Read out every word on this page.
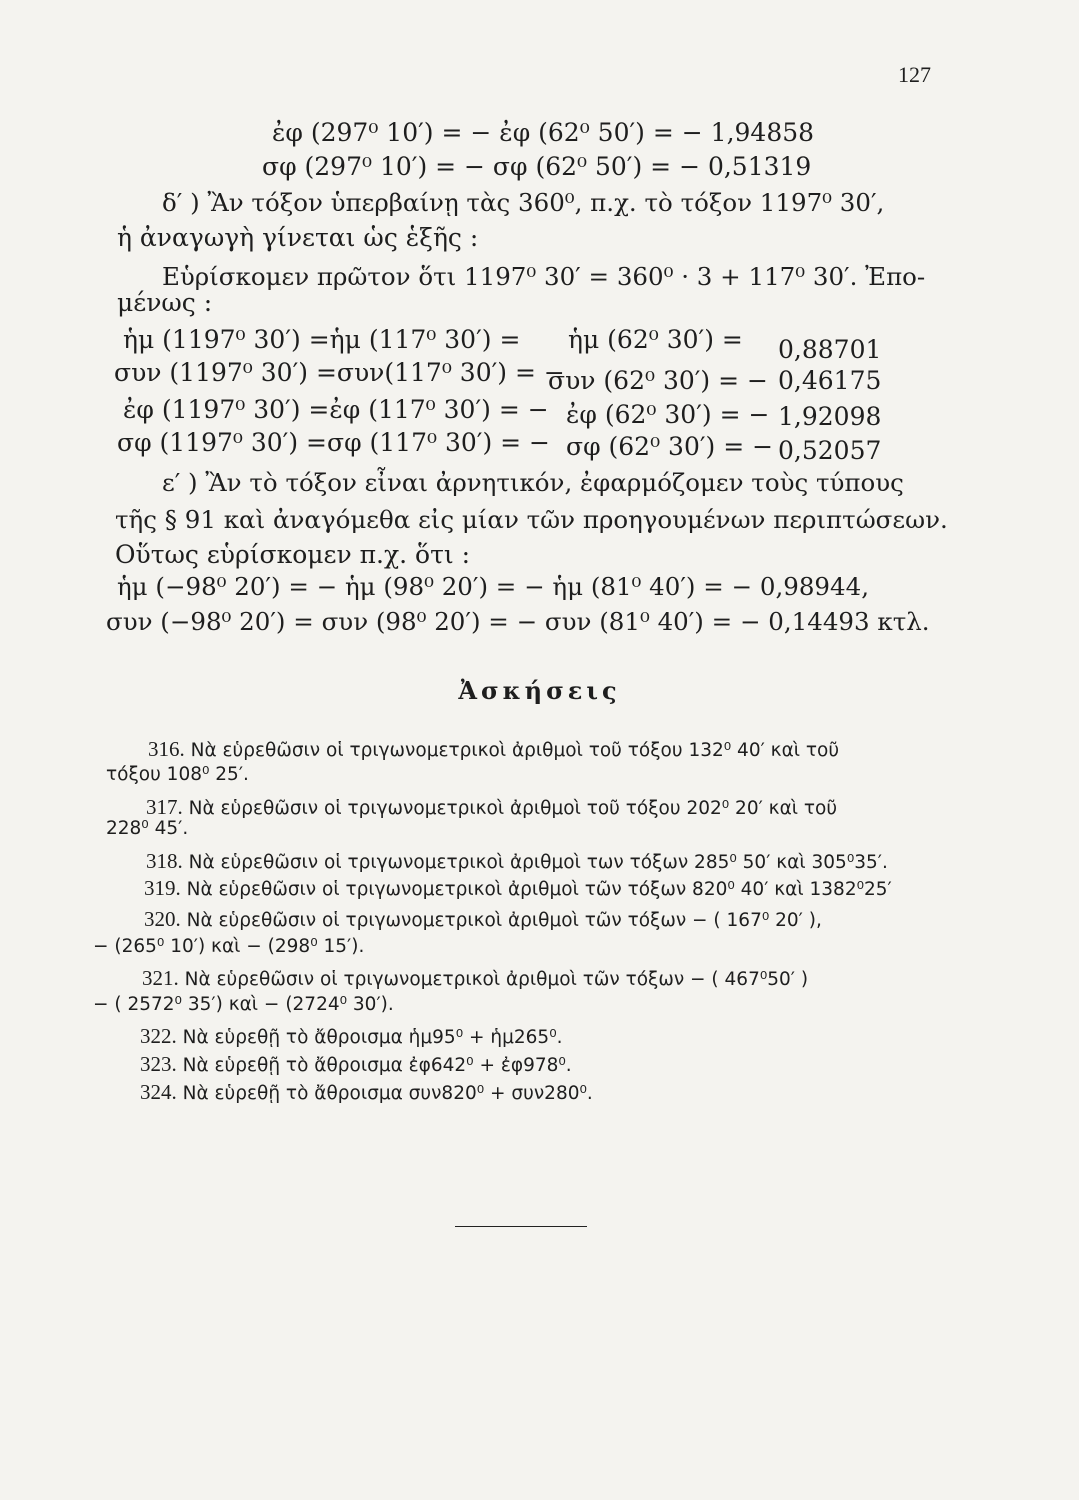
127
ἐφ (297⁰ 10′) = − ἐφ (62⁰ 50′) = − 1,94858
σφ (297⁰ 10′) = − σφ (62⁰ 50′) = − 0,51319
δ′ ) Ἂν τόξον ὑπερβαίνῃ τὰς 360⁰, π.χ. τὸ τόξον 1197⁰ 30′,
ἡ ἀναγωγὴ γίνεται ὡς ἑξῆς :
Εὑρίσκομεν πρῶτον ὅτι 1197⁰ 30′ = 360⁰ · 3 + 117⁰ 30′. Ἐπο-
μένως :
ἡμ (1197⁰ 30′) =ἡμ (117⁰ 30′) = ἡμ (62⁰ 30′) = 0,88701
συν (1197⁰ 30′) =συν(117⁰ 30′) = −
συν (62⁰ 30′) = − 0,46175
ἐφ (1197⁰ 30′) =ἐφ (117⁰ 30′) = − ἐφ (62⁰ 30′) = − 1,92098
σφ (1197⁰ 30′) =σφ (117⁰ 30′) = − σφ (62⁰ 30′) = − 0,52057
ε′ ) Ἂν τὸ τόξον εἶναι ἀρνητικόν, ἐφαρμόζομεν τοὺς τύπους
τῆς § 91 καὶ ἀναγόμεθα εἰς μίαν τῶν προηγουμένων περιπτώσεων.
Οὕτως εὑρίσκομεν π.χ. ὅτι :
ἡμ (−98⁰ 20′) = − ἡμ (98⁰ 20′) = − ἡμ (81⁰ 40′) = − 0,98944,
συν (−98⁰ 20′) = συν (98⁰ 20′) = − συν (81⁰ 40′) = − 0,14493 κτλ.
Ἀσκήσεις
316. Νὰ εὑρεθῶσιν οἱ τριγωνομετρικοὶ ἀριθμοὶ τοῦ τόξου 132⁰ 40′ καὶ τοῦ
τόξου 108⁰ 25′.
317. Νὰ εὑρεθῶσιν οἱ τριγωνομετρικοὶ ἀριθμοὶ τοῦ τόξου 202⁰ 20′ καὶ τοῦ
228⁰ 45′.
318. Νὰ εὑρεθῶσιν οἱ τριγωνομετρικοὶ ἀριθμοὶ των τόξων 285⁰ 50′ καὶ 305⁰35′.
319. Νὰ εὑρεθῶσιν οἱ τριγωνομετρικοὶ ἀριθμοὶ τῶν τόξων 820⁰ 40′ καὶ 1382⁰25′
320. Νὰ εὑρεθῶσιν οἱ τριγωνομετρικοὶ ἀριθμοὶ τῶν τόξων − ( 167⁰ 20′ ),
− (265⁰ 10′) καὶ − (298⁰ 15′).
321. Νὰ εὑρεθῶσιν οἱ τριγωνομετρικοὶ ἀριθμοὶ τῶν τόξων − ( 467⁰50′ )
− ( 2572⁰ 35′) καὶ − (2724⁰ 30′).
322. Νὰ εὑρεθῇ τὸ ἄθροισμα ἡμ95⁰ + ἡμ265⁰.
323. Νὰ εὑρεθῇ τὸ ἄθροισμα ἐφ642⁰ + ἐφ978⁰.
324. Νὰ εὑρεθῇ τὸ ἄθροισμα συν820⁰ + συν280⁰.
